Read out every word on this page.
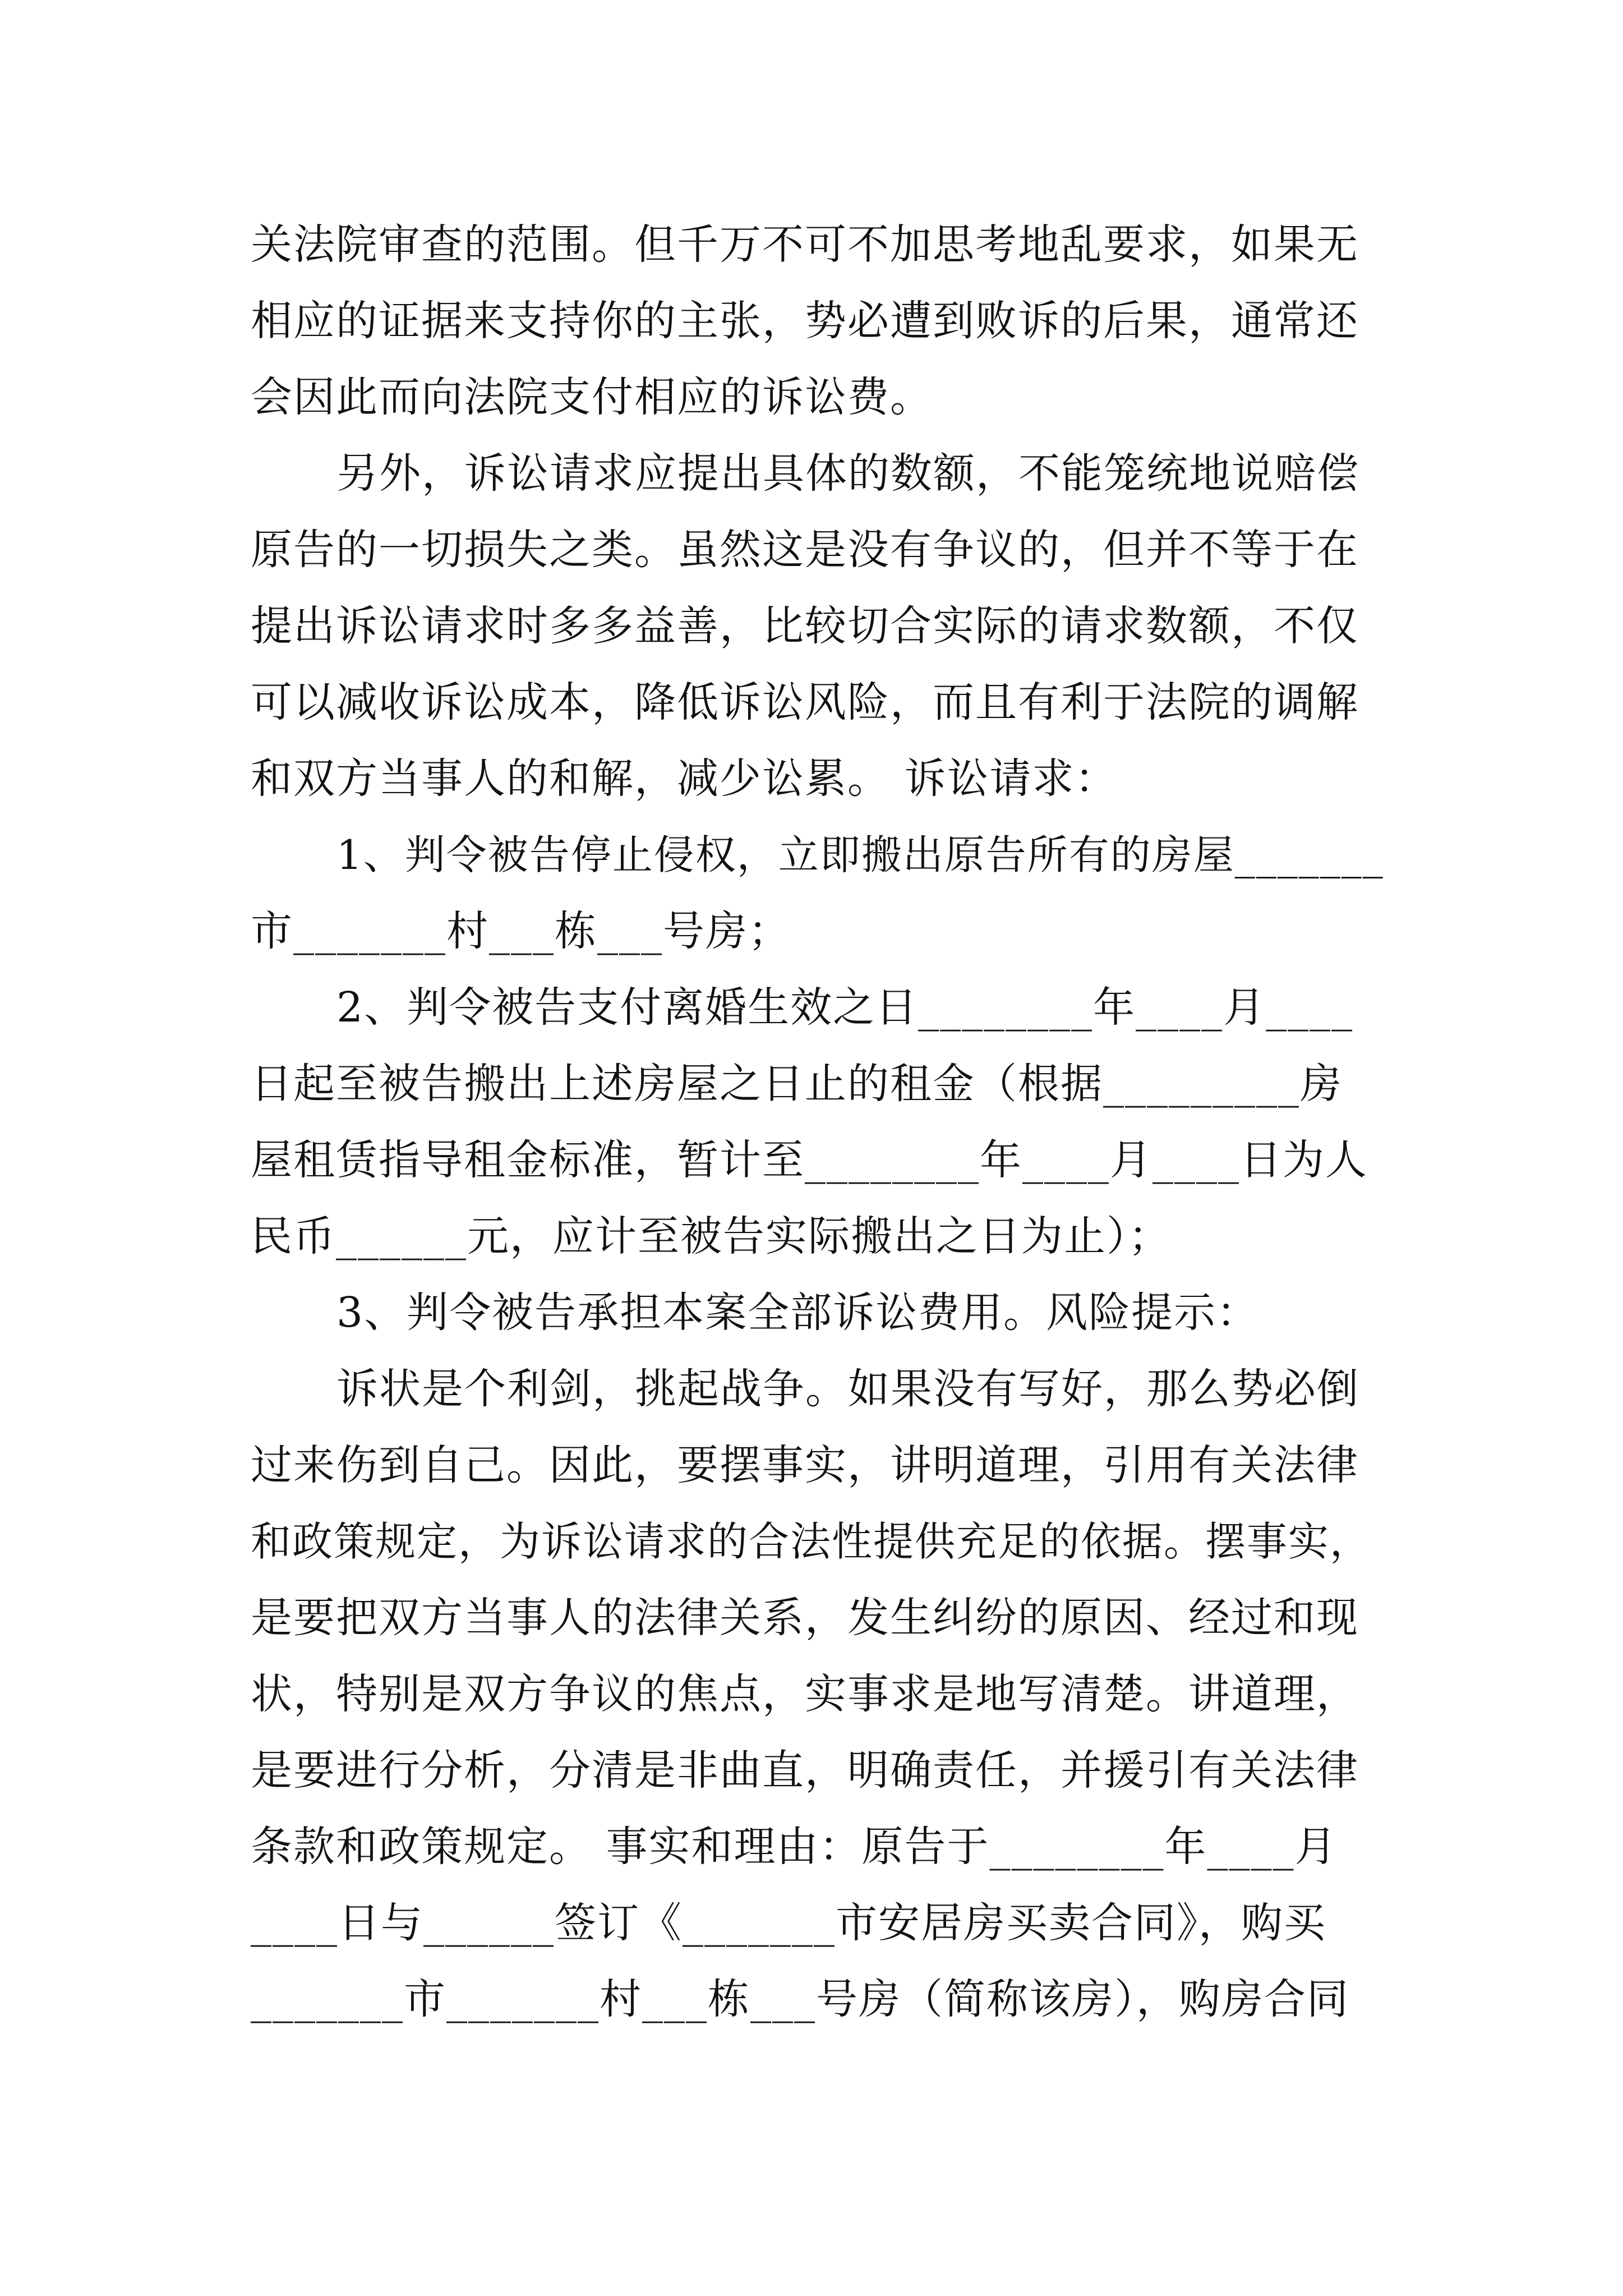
关法院审查的范围。但千万不可不加思考地乱要求，如果无
相应的证据来支持你的主张，势必遭到败诉的后果，通常还
会因此而向法院支付相应的诉讼费。
另外，诉讼请求应提出具体的数额，不能笼统地说赔偿
原告的一切损失之类。虽然这是没有争议的，但并不等于在
提出诉讼请求时多多益善，比较切合实际的请求数额，不仅
可以减收诉讼成本，降低诉讼风险，而且有利于法院的调解
和双方当事人的和解，减少讼累。 诉讼请求：
1、判令被告停止侵权，立即搬出原告所有的房屋_______
市_______村___栋___号房；
2、判令被告支付离婚生效之日________年____月____
日起至被告搬出上述房屋之日止的租金（根据_________房
屋租赁指导租金标准，暂计至________年____月____日为人
民币______元，应计至被告实际搬出之日为止）；
3、判令被告承担本案全部诉讼费用。风险提示：
诉状是个利剑，挑起战争。如果没有写好，那么势必倒
过来伤到自己。因此，要摆事实，讲明道理，引用有关法律
和政策规定，为诉讼请求的合法性提供充足的依据。摆事实，
是要把双方当事人的法律关系，发生纠纷的原因、经过和现
状，特别是双方争议的焦点，实事求是地写清楚。讲道理，
是要进行分析，分清是非曲直，明确责任，并援引有关法律
条款和政策规定。 事实和理由：原告于________年____月
____日与______签订《_______市安居房买卖合同》，购买
_______市_______村___栋___号房（简称该房），购房合同
